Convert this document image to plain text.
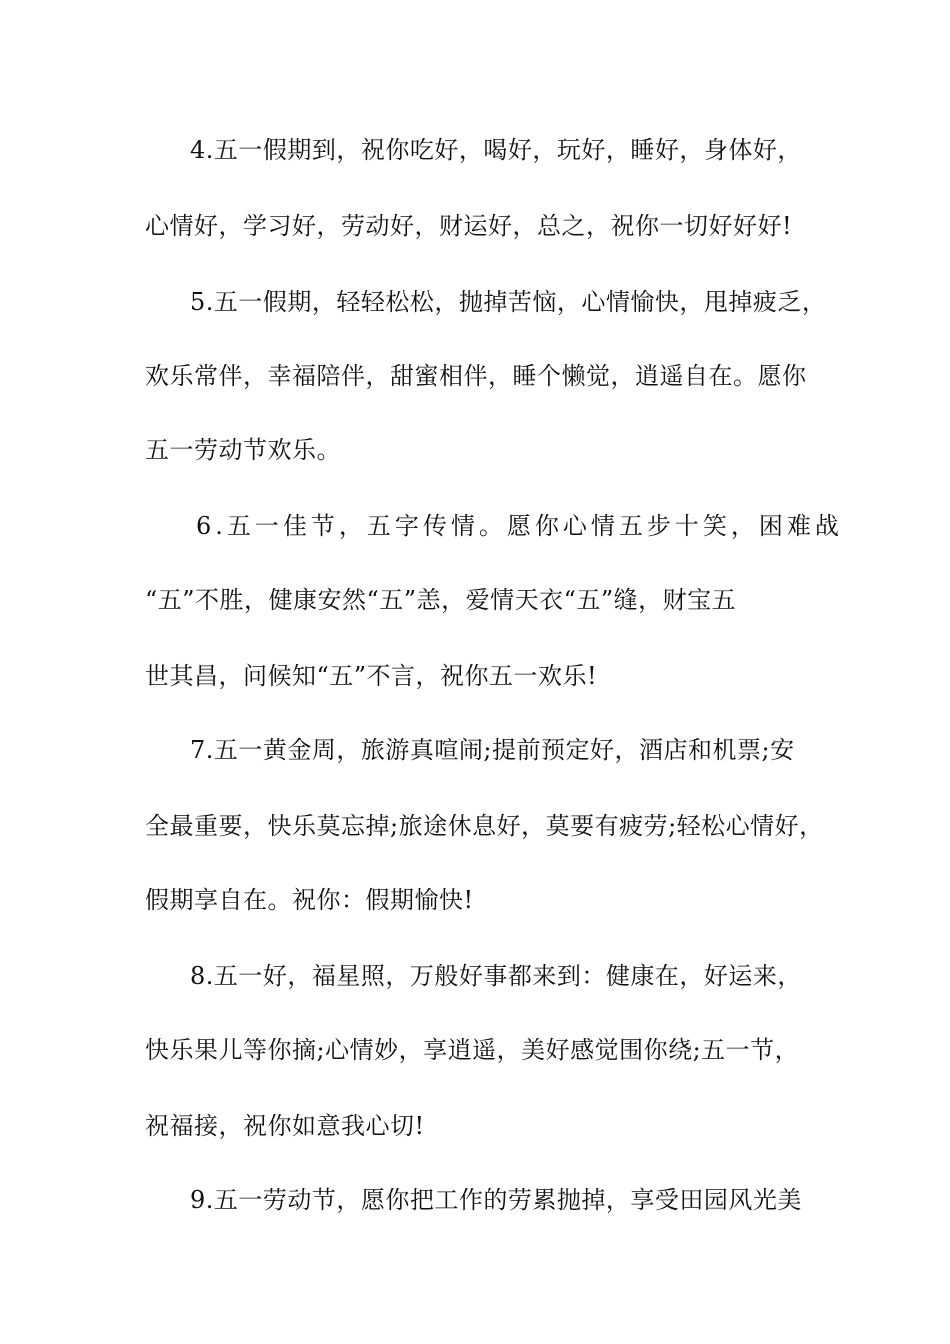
4.五一假期到，祝你吃好，喝好，玩好，睡好，身体好，
心情好，学习好，劳动好，财运好，总之，祝你一切好好好!
5.五一假期，轻轻松松，抛掉苦恼，心情愉快，甩掉疲乏，
欢乐常伴，幸福陪伴，甜蜜相伴，睡个懒觉，逍遥自在。愿你
五一劳动节欢乐。
6.五一佳节，五字传情。愿你心情五步十笑，困难战
“五”不胜，健康安然“五”恙，爱情天衣“五”缝，财宝五
世其昌，问候知“五”不言，祝你五一欢乐!
7.五一黄金周，旅游真喧闹;提前预定好，酒店和机票;安
全最重要，快乐莫忘掉;旅途休息好，莫要有疲劳;轻松心情好，
假期享自在。祝你：假期愉快!
8.五一好，福星照，万般好事都来到：健康在，好运来，
快乐果儿等你摘;心情妙，享逍遥，美好感觉围你绕;五一节，
祝福接，祝你如意我心切!
9.五一劳动节，愿你把工作的劳累抛掉，享受田园风光美
